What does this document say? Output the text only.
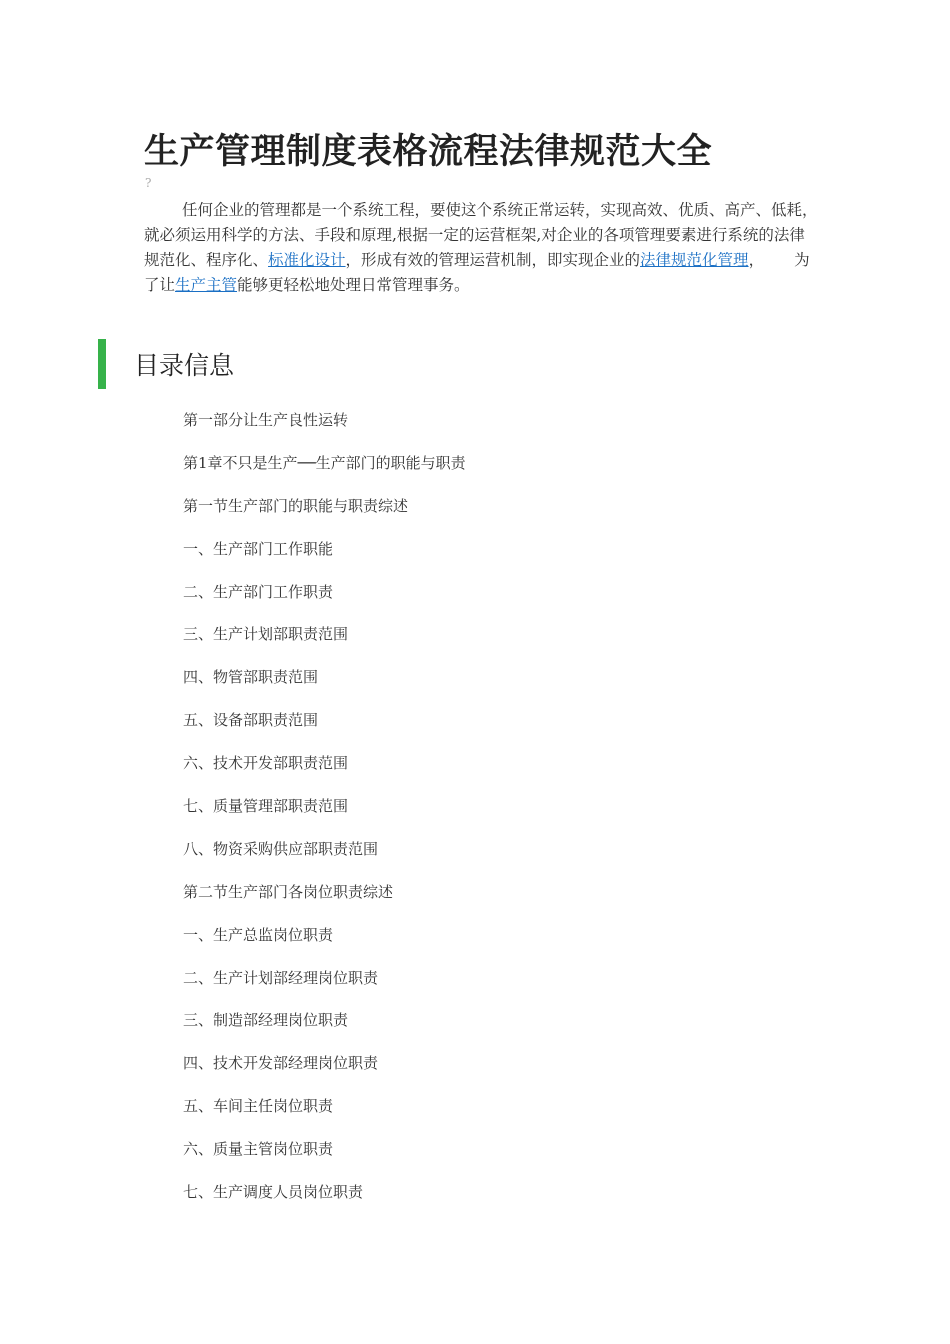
生产管理制度表格流程法律规范大全
?

任何企业的管理都是一个系统工程，要使这个系统正常运转，实现高效、优质、高产、低耗，就必须运用科学的方法、手段和原理,根据一定的运营框架,对企业的各项管理要素进行系统的法律规范化、程序化、标准化设计，形成有效的管理运营机制，即实现企业的法律规范化管理， 为了让生产主管能够更轻松地处理日常管理事务。

目录信息
第一部分让生产良性运转
第1章不只是生产──生产部门的职能与职责
第一节生产部门的职能与职责综述
一、生产部门工作职能
二、生产部门工作职责
三、生产计划部职责范围
四、物管部职责范围
五、设备部职责范围
六、技术开发部职责范围
七、质量管理部职责范围
八、物资采购供应部职责范围
第二节生产部门各岗位职责综述
一、生产总监岗位职责
二、生产计划部经理岗位职责
三、制造部经理岗位职责
四、技术开发部经理岗位职责
五、车间主任岗位职责
六、质量主管岗位职责
七、生产调度人员岗位职责
